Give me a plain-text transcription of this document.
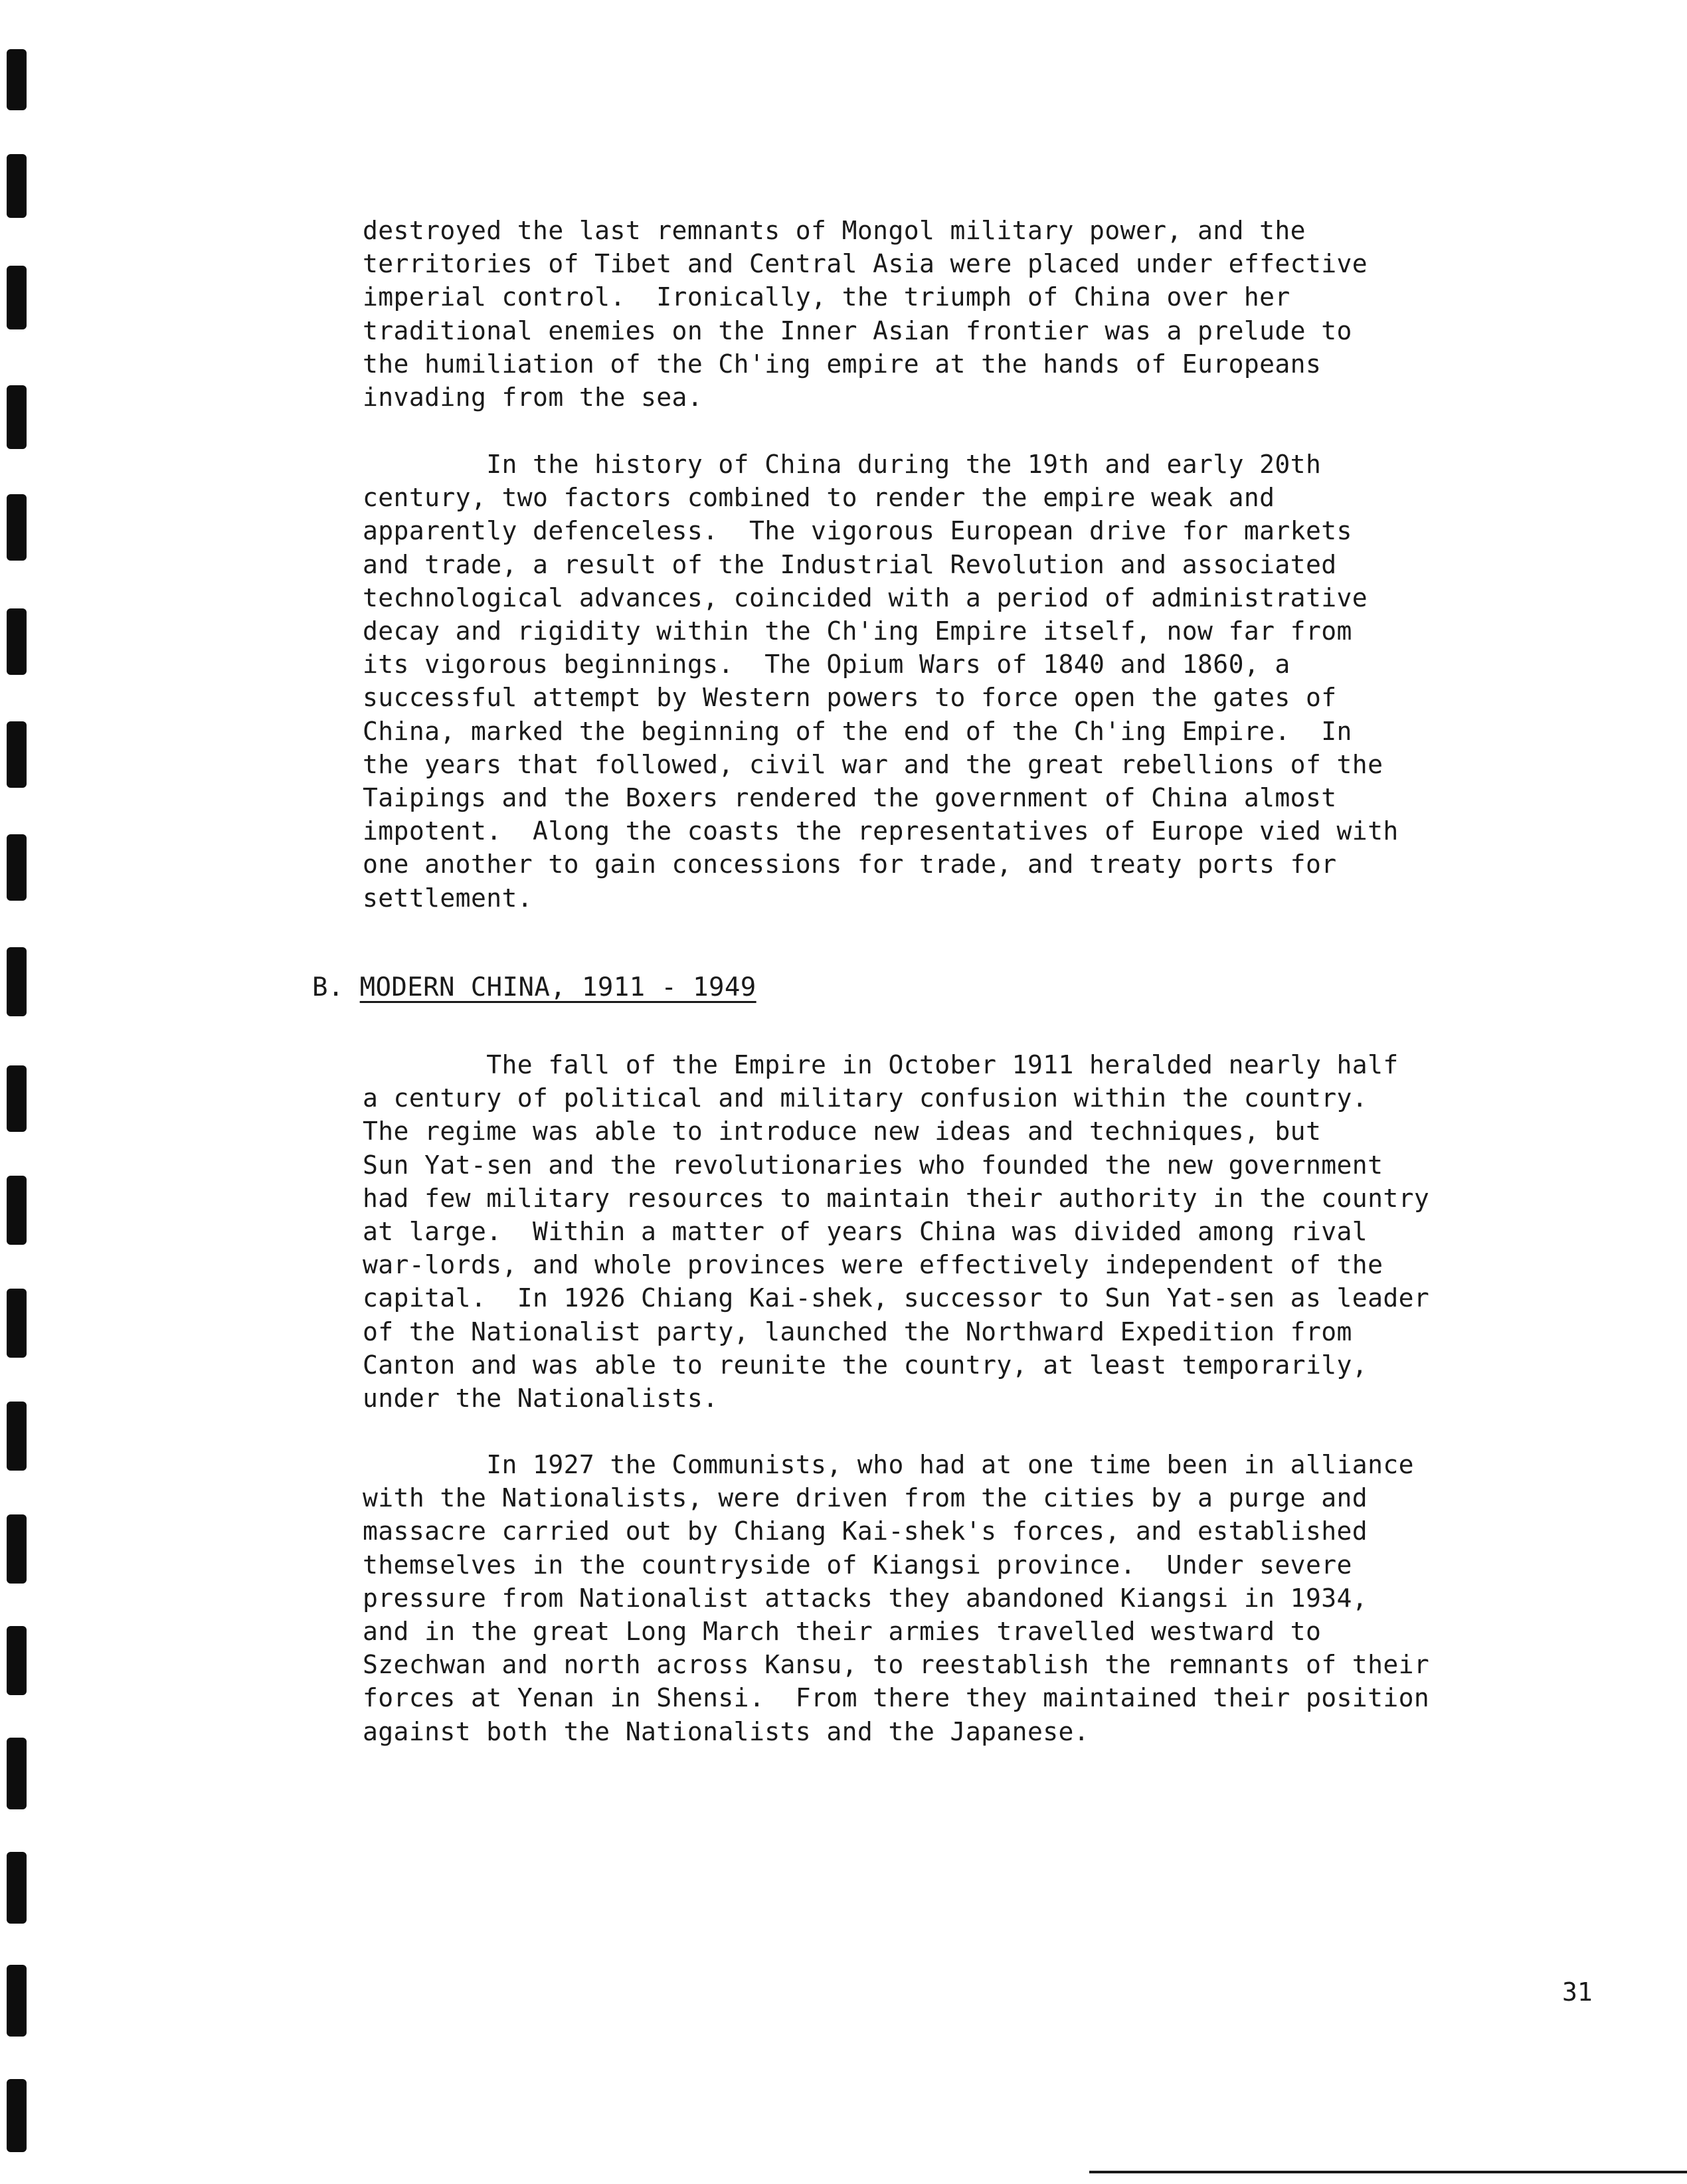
destroyed the last remnants of Mongol military power, and the
territories of Tibet and Central Asia were placed under effective
imperial control.  Ironically, the triumph of China over her
traditional enemies on the Inner Asian frontier was a prelude to
the humiliation of the Ch'ing empire at the hands of Europeans
invading from the sea.
In the history of China during the 19th and early 20th
century, two factors combined to render the empire weak and
apparently defenceless.  The vigorous European drive for markets
and trade, a result of the Industrial Revolution and associated
technological advances, coincided with a period of administrative
decay and rigidity within the Ch'ing Empire itself, now far from
its vigorous beginnings.  The Opium Wars of 1840 and 1860, a
successful attempt by Western powers to force open the gates of
China, marked the beginning of the end of the Ch'ing Empire.  In
the years that followed, civil war and the great rebellions of the
Taipings and the Boxers rendered the government of China almost
impotent.  Along the coasts the representatives of Europe vied with
one another to gain concessions for trade, and treaty ports for
settlement.
B. MODERN CHINA, 1911 - 1949
The fall of the Empire in October 1911 heralded nearly half
a century of political and military confusion within the country.
The regime was able to introduce new ideas and techniques, but
Sun Yat-sen and the revolutionaries who founded the new government
had few military resources to maintain their authority in the country
at large.  Within a matter of years China was divided among rival
war-lords, and whole provinces were effectively independent of the
capital.  In 1926 Chiang Kai-shek, successor to Sun Yat-sen as leader
of the Nationalist party, launched the Northward Expedition from
Canton and was able to reunite the country, at least temporarily,
under the Nationalists.
In 1927 the Communists, who had at one time been in alliance
with the Nationalists, were driven from the cities by a purge and
massacre carried out by Chiang Kai-shek's forces, and established
themselves in the countryside of Kiangsi province.  Under severe
pressure from Nationalist attacks they abandoned Kiangsi in 1934,
and in the great Long March their armies travelled westward to
Szechwan and north across Kansu, to reestablish the remnants of their
forces at Yenan in Shensi.  From there they maintained their position
against both the Nationalists and the Japanese.
31
